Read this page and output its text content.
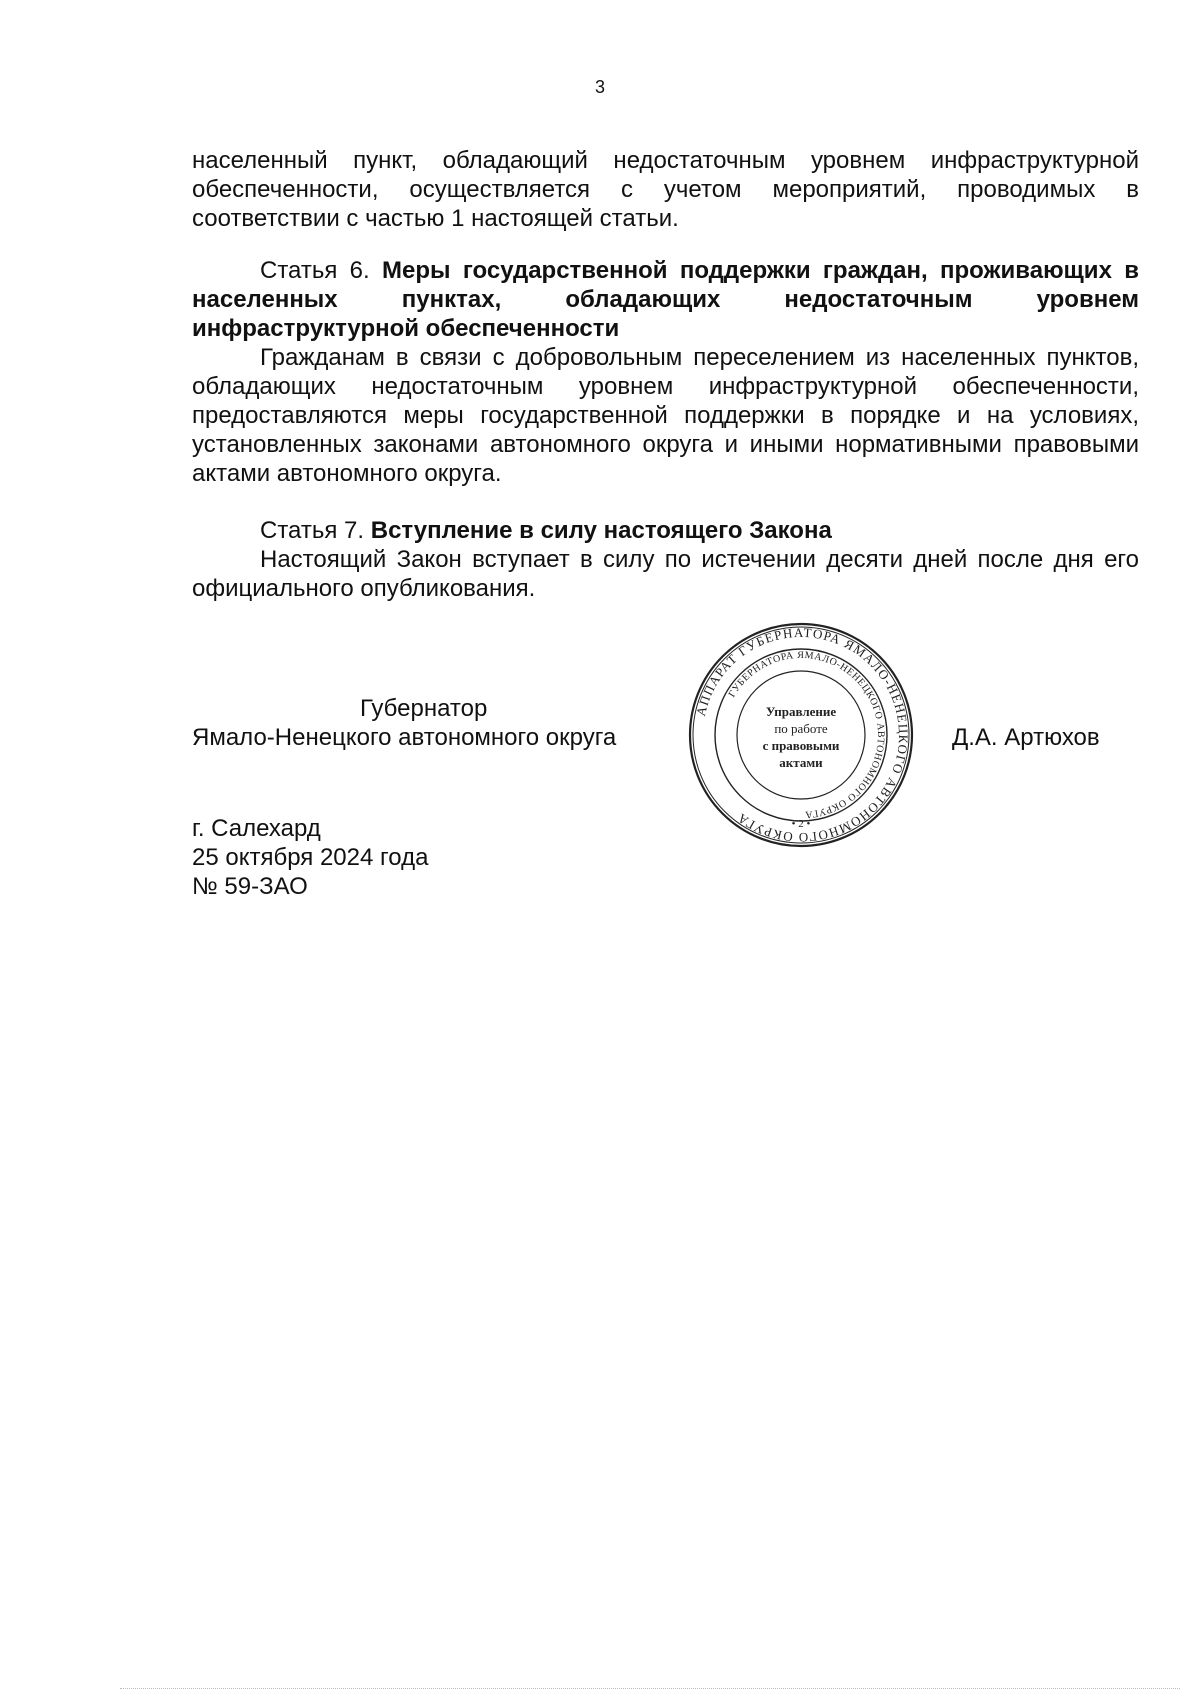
3

населенный пункт, обладающий недостаточным уровнем инфраструктурной обеспеченности, осуществляется с учетом мероприятий, проводимых в соответствии с частью 1 настоящей статьи.

Статья 6. Меры государственной поддержки граждан, проживающих в населенных пунктах, обладающих недостаточным уровнем инфраструктурной обеспеченности

Гражданам в связи с добровольным переселением из населенных пунктов, обладающих недостаточным уровнем инфраструктурной обеспеченности, предоставляются меры государственной поддержки в порядке и на условиях, установленных законами автономного округа и иными нормативными правовыми актами автономного округа.

Статья 7. Вступление в силу настоящего Закона

Настоящий Закон вступает в силу по истечении десяти дней после дня его официального опубликования.

Губернатор
Ямало-Ненецкого автономного округа
АППАРАТ ГУБЕРНАТОРА ЯМАЛО-НЕНЕЦКОГО АВТОНОМНОГО ОКРУГА
ГУБЕРНАТОРА ЯМАЛО-НЕНЕЦКОГО АВТОНОМНОГО ОКРУГА
Управление
по работе
с правовыми
актами
• 2 •
Д.А. Артюхов
г. Салехард
25 октября 2024 года
№ 59-ЗАО
